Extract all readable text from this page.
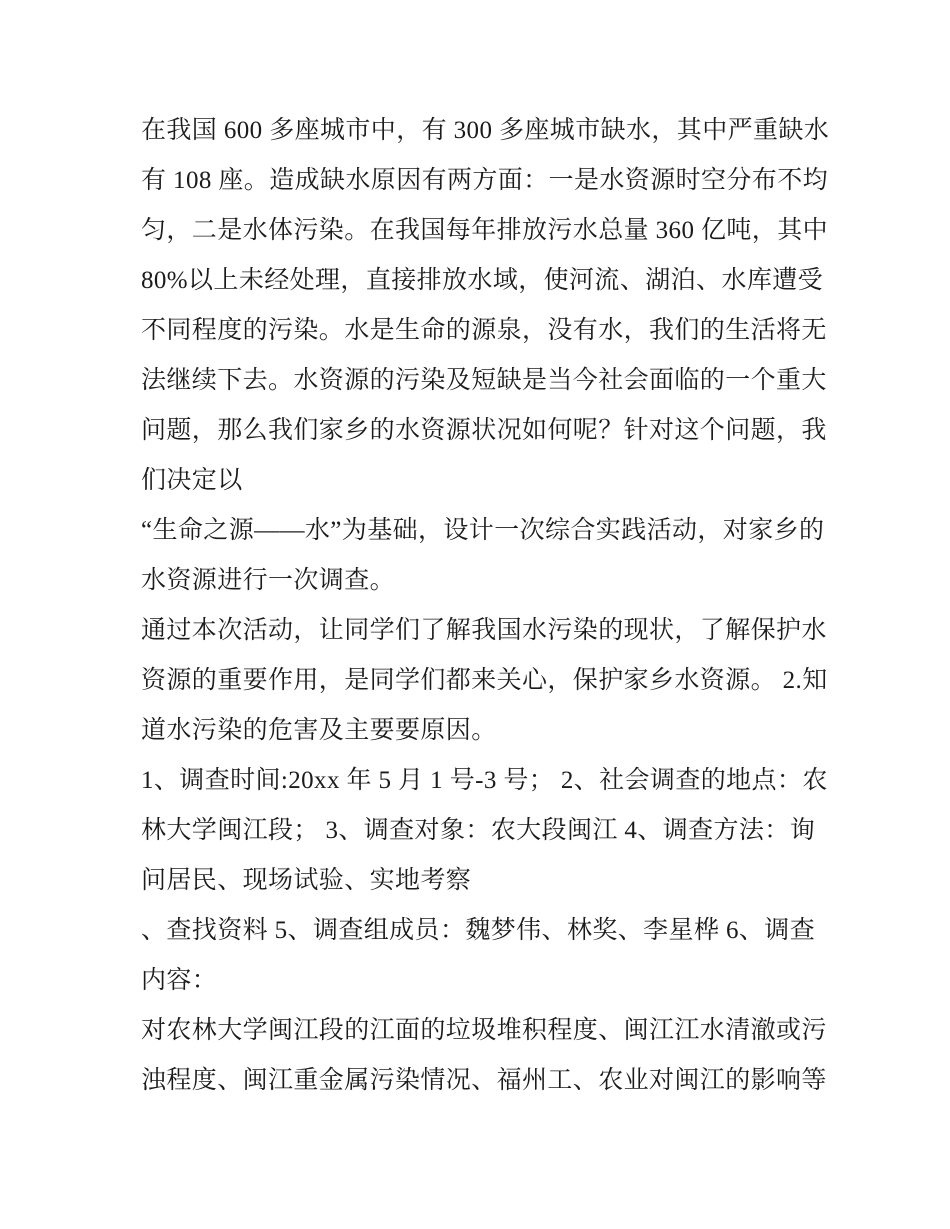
在我国 600 多座城市中，有 300 多座城市缺水，其中严重缺水
有 108 座。造成缺水原因有两方面：一是水资源时空分布不均
匀，二是水体污染。在我国每年排放污水总量 360 亿吨，其中
80%以上未经处理，直接排放水域，使河流、湖泊、水库遭受
不同程度的污染。水是生命的源泉，没有水，我们的生活将无
法继续下去。水资源的污染及短缺是当今社会面临的一个重大
问题，那么我们家乡的水资源状况如何呢？针对这个问题，我
们决定以
“生命之源——水”为基础，设计一次综合实践活动，对家乡的
水资源进行一次调查。
通过本次活动，让同学们了解我国水污染的现状，了解保护水
资源的重要作用，是同学们都来关心，保护家乡水资源。 2.知
道水污染的危害及主要要原因。
1、调查时间:20xx 年 5 月 1 号-3 号； 2、社会调查的地点：农
林大学闽江段； 3、调查对象：农大段闽江 4、调查方法：询
问居民、现场试验、实地考察
、查找资料 5、调查组成员：魏梦伟、林奖、李星桦 6、调查
内容：
对农林大学闽江段的江面的垃圾堆积程度、闽江江水清澈或污
浊程度、闽江重金属污染情况、福州工、农业对闽江的影响等
